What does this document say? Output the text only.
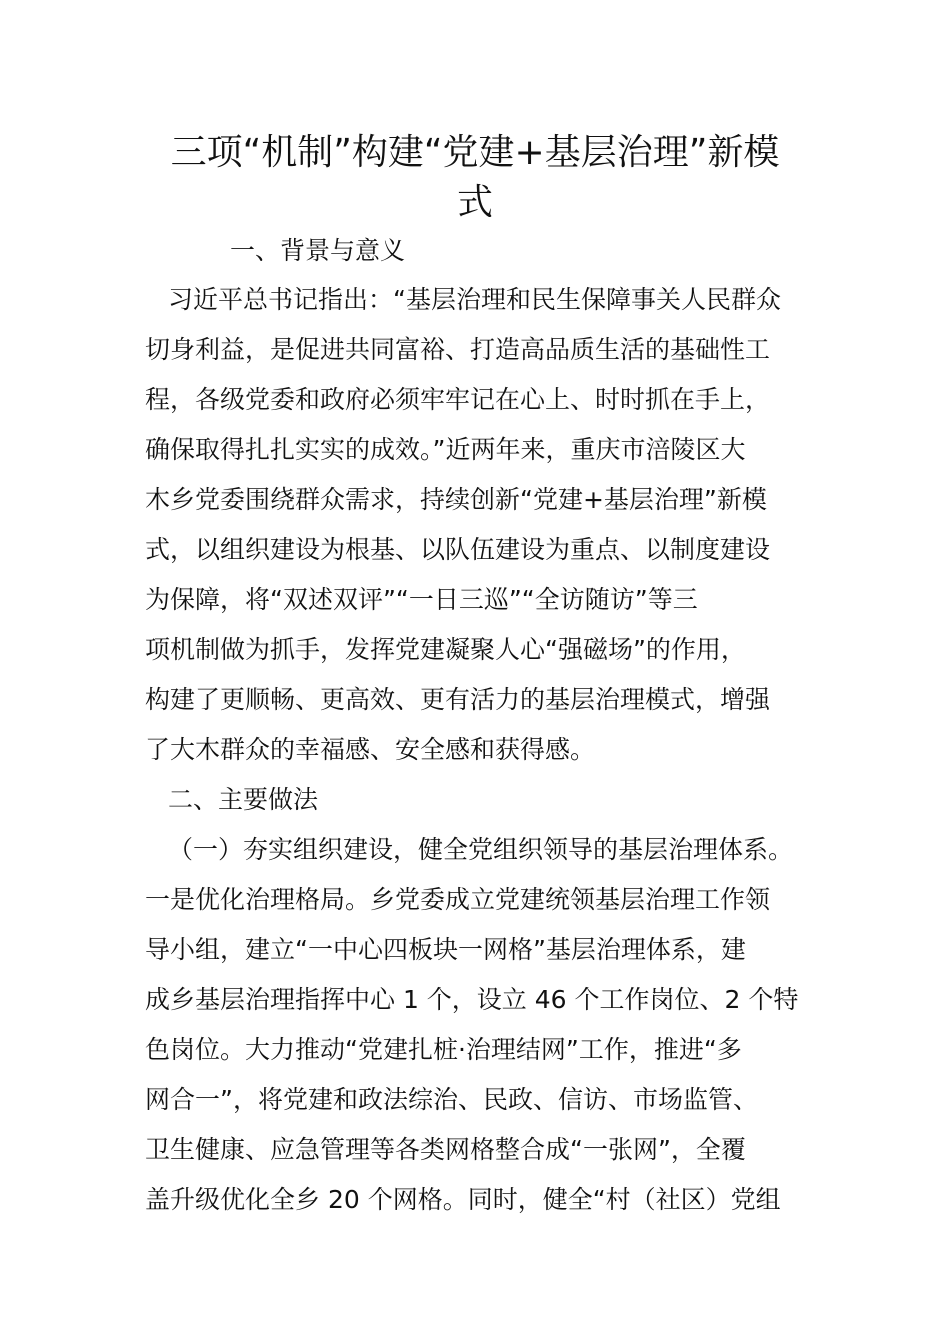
三项“机制”构建“党建+基层治理”新模
式
一、背景与意义
习近平总书记指出：“基层治理和民生保障事关人民群众
切身利益，是促进共同富裕、打造高品质生活的基础性工
程，各级党委和政府必须牢牢记在心上、时时抓在手上，
确保取得扎扎实实的成效。”近两年来，重庆市涪陵区大
木乡党委围绕群众需求，持续创新“党建+基层治理”新模
式，以组织建设为根基、以队伍建设为重点、以制度建设
为保障，将“双述双评”“一日三巡”“全访随访”等三
项机制做为抓手，发挥党建凝聚人心“强磁场”的作用，
构建了更顺畅、更高效、更有活力的基层治理模式，增强
了大木群众的幸福感、安全感和获得感。
二、主要做法
（一）夯实组织建设，健全党组织领导的基层治理体系。
一是优化治理格局。乡党委成立党建统领基层治理工作领
导小组，建立“一中心四板块一网格”基层治理体系，建
成乡基层治理指挥中心 1 个，设立 46 个工作岗位、2 个特
色岗位。大力推动“党建扎桩·治理结网”工作，推进“多
网合一”，将党建和政法综治、民政、信访、市场监管、
卫生健康、应急管理等各类网格整合成“一张网”，全覆
盖升级优化全乡 20 个网格。同时，健全“村（社区）党组
